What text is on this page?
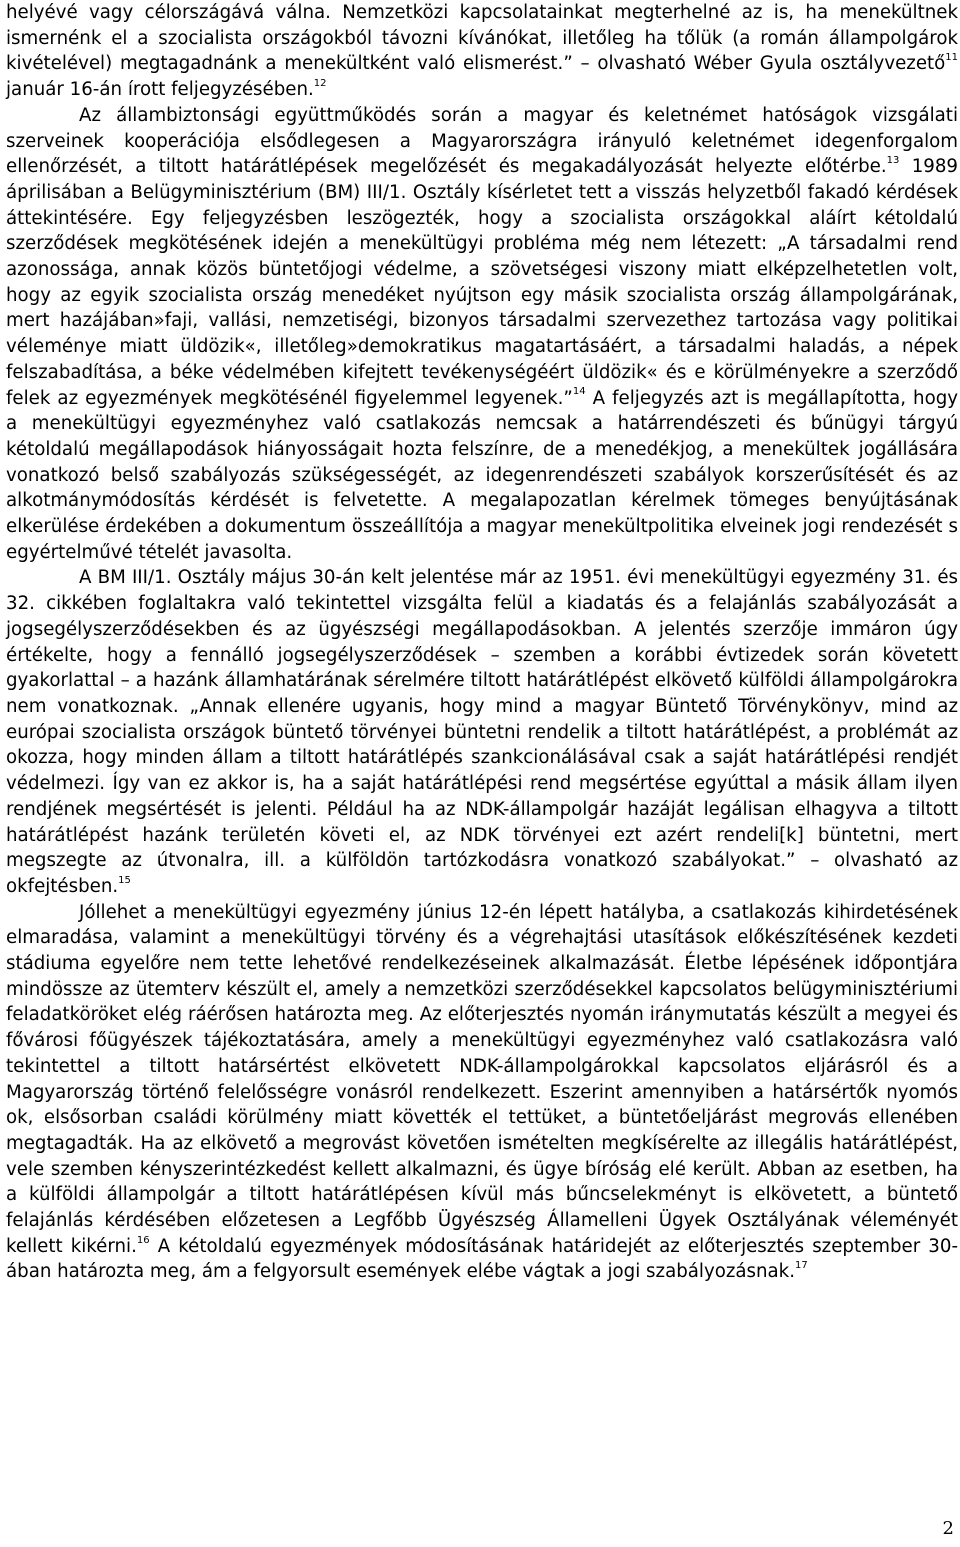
helyévé vagy célországává válna. Nemzetközi kapcsolatainkat megterhelné az is, ha menekültnek ismernénk el a szocialista országokból távozni kívánókat, illetőleg ha tőlük (a román állampolgárok kivételével) megtagadnánk a menekültként való elismerést.” – olvasható Wéber Gyula osztályvezető$^{11}$ január 16-án írott feljegyzésében.$^{12}$

Az állambiztonsági együttműködés során a magyar és keletnémet hatóságok vizsgálati szerveinek kooperációja elsődlegesen a Magyarországra irányuló keletnémet idegenforgalom ellenőrzését, a tiltott határátlépések megelőzését és megakadályozását helyezte előtérbe.$^{13}$ 1989 áprilisában a Belügyminisztérium (BM) III/1. Osztály kísérletet tett a visszás helyzetből fakadó kérdések áttekintésére. Egy feljegyzésben leszögezték, hogy a szocialista országokkal aláírt kétoldalú szerződések megkötésének idején a menekültügyi probléma még nem létezett: „A társadalmi rend azonossága, annak közös büntetőjogi védelme, a szövetségesi viszony miatt elképzelhetetlen volt, hogy az egyik szocialista ország menedéket nyújtson egy másik szocialista ország állampolgárának, mert hazájában»faji, vallási, nemzetiségi, bizonyos társadalmi szervezethez tartozása vagy politikai véleménye miatt üldözik«, illetőleg»demokratikus magatartásáért, a társadalmi haladás, a népek felszabadítása, a béke védelmében kifejtett tevékenységéért üldözik« és e körülményekre a szerződő felek az egyezmények megkötésénél figyelemmel legyenek.”$^{14}$ A feljegyzés azt is megállapította, hogy a menekültügyi egyezményhez való csatlakozás nemcsak a határrendészeti és bűnügyi tárgyú kétoldalú megállapodások hiányosságait hozta felszínre, de a menedékjog, a menekültek jogállására vonatkozó belső szabályozás szükségességét, az idegenrendészeti szabályok korszerűsítését és az alkotmánymódosítás kérdését is felvetette. A megalapozatlan kérelmek tömeges benyújtásának elkerülése érdekében a dokumentum összeállítója a magyar menekültpolitika elveinek jogi rendezését s egyértelművé tételét javasolta.

A BM III/1. Osztály május 30-án kelt jelentése már az 1951. évi menekültügyi egyezmény 31. és 32. cikkében foglaltakra való tekintettel vizsgálta felül a kiadatás és a felajánlás szabályozását a jogsegélyszerződésekben és az ügyészségi megállapodásokban. A jelentés szerzője immáron úgy értékelte, hogy a fennálló jogsegélyszerződések – szemben a korábbi évtizedek során követett gyakorlattal – a hazánk államhatárának sérelmére tiltott határátlépést elkövető külföldi állampolgárokra nem vonatkoznak. „Annak ellenére ugyanis, hogy mind a magyar Büntető Törvénykönyv, mind az európai szocialista országok büntető törvényei büntetni rendelik a tiltott határátlépést, a problémát az okozza, hogy minden állam a tiltott határátlépés szankcionálásával csak a saját határátlépési rendjét védelmezi. Így van ez akkor is, ha a saját határátlépési rend megsértése egyúttal a másik állam ilyen rendjének megsértését is jelenti. Például ha az NDK-állampolgár hazáját legálisan elhagyva a tiltott határátlépést hazánk területén követi el, az NDK törvényei ezt azért rendeli[k] büntetni, mert megszegte az útvonalra, ill. a külföldön tartózkodásra vonatkozó szabályokat.” – olvasható az okfejtésben.$^{15}$

Jóllehet a menekültügyi egyezmény június 12-én lépett hatályba, a csatlakozás kihirdetésének elmaradása, valamint a menekültügyi törvény és a végrehajtási utasítások előkészítésének kezdeti stádiuma egyelőre nem tette lehetővé rendelkezéseinek alkalmazását. Életbe lépésének időpontjára mindössze az ütemterv készült el, amely a nemzetközi szerződésekkel kapcsolatos belügyminisztériumi feladatköröket elég ráérősen határozta meg. Az előterjesztés nyomán iránymutatás készült a megyei és fővárosi főügyészek tájékoztatására, amely a menekültügyi egyezményhez való csatlakozásra való tekintettel a tiltott határsértést elkövetett NDK-állampolgárokkal kapcsolatos eljárásról és a Magyarország történő felelősségre vonásról rendelkezett. Eszerint amennyiben a határsértők nyomós ok, elsősorban családi körülmény miatt követték el tettüket, a büntetőeljárást megrovás ellenében megtagadták. Ha az elkövető a megrovást követően ismételten megkísérelte az illegális határátlépést, vele szemben kényszerintézkedést kellett alkalmazni, és ügye bíróság elé került. Abban az esetben, ha a külföldi állampolgár a tiltott határátlépésen kívül más bűncselekményt is elkövetett, a büntető felajánlás kérdésében előzetesen a Legfőbb Ügyészség Államelleni Ügyek Osztályának véleményét kellett kikérni.$^{16}$ A kétoldalú egyezmények módosításának határidejét az előterjesztés szeptember 30-ában határozta meg, ám a felgyorsult események elébe vágtak a jogi szabályozásnak.$^{17}$

2
